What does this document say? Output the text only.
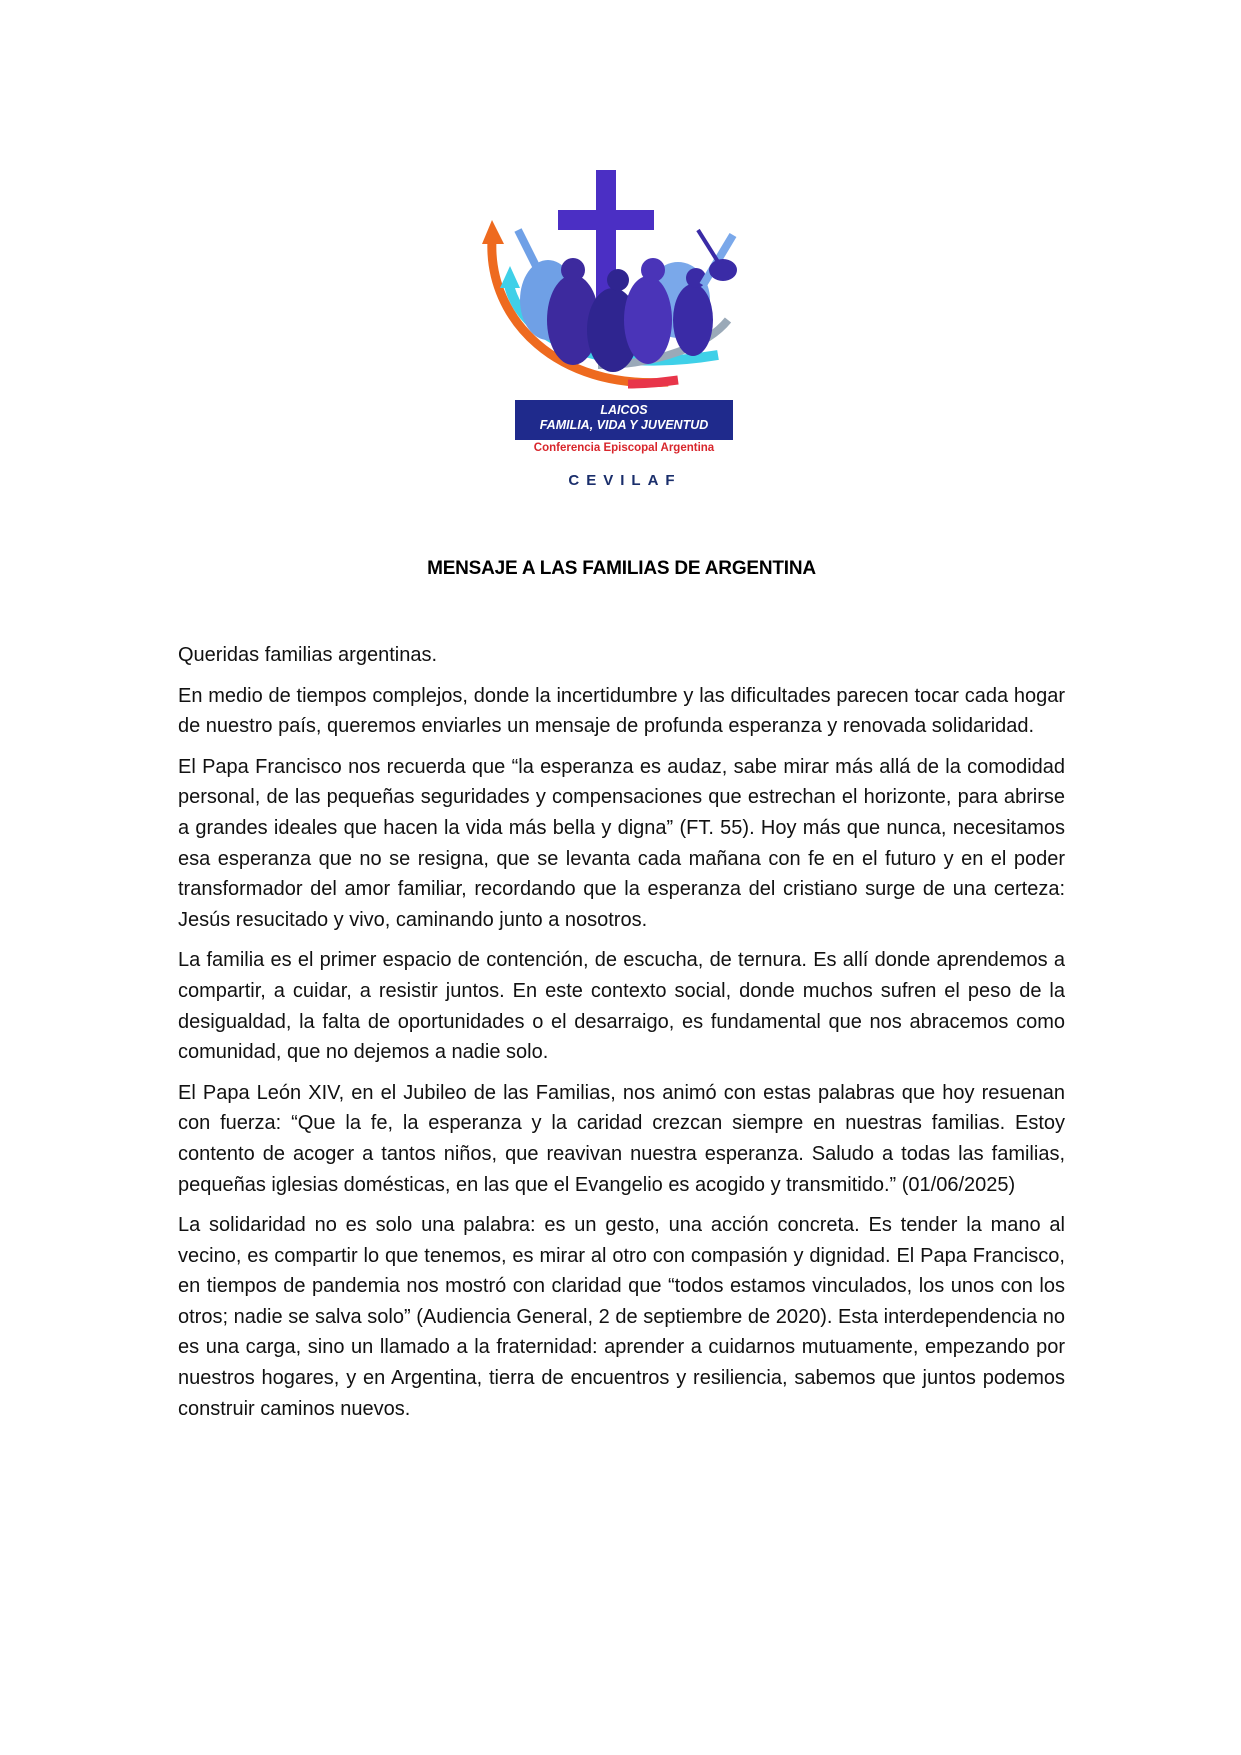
LAICOS
FAMILIA, VIDA Y JUVENTUD
Conferencia Episcopal Argentina
CEVILAF
MENSAJE A LAS FAMILIAS DE ARGENTINA

Queridas familias argentinas.

En medio de tiempos complejos, donde la incertidumbre y las dificultades parecen tocar cada hogar de nuestro país, queremos enviarles un mensaje de profunda esperanza y renovada solidaridad.

El Papa Francisco nos recuerda que “la esperanza es audaz, sabe mirar más allá de la comodidad personal, de las pequeñas seguridades y compensaciones que estrechan el horizonte, para abrirse a grandes ideales que hacen la vida más bella y digna” (FT. 55). Hoy más que nunca, necesitamos esa esperanza que no se resigna, que se levanta cada mañana con fe en el futuro y en el poder transformador del amor familiar, recordando que la esperanza del cristiano surge de una certeza: Jesús resucitado y vivo, caminando junto a nosotros.

La familia es el primer espacio de contención, de escucha, de ternura. Es allí donde aprendemos a compartir, a cuidar, a resistir juntos. En este contexto social, donde muchos sufren el peso de la desigualdad, la falta de oportunidades o el desarraigo, es fundamental que nos abracemos como comunidad, que no dejemos a nadie solo.

El Papa León XIV, en el Jubileo de las Familias, nos animó con estas palabras que hoy resuenan con fuerza: “Que la fe, la esperanza y la caridad crezcan siempre en nuestras familias. Estoy contento de acoger a tantos niños, que reavivan nuestra esperanza. Saludo a todas las familias, pequeñas iglesias domésticas, en las que el Evangelio es acogido y transmitido.” (01/06/2025)

La solidaridad no es solo una palabra: es un gesto, una acción concreta. Es tender la mano al vecino, es compartir lo que tenemos, es mirar al otro con compasión y dignidad. El Papa Francisco, en tiempos de pandemia nos mostró con claridad que “todos estamos vinculados, los unos con los otros; nadie se salva solo” (Audiencia General, 2 de septiembre de 2020). Esta interdependencia no es una carga, sino un llamado a la fraternidad: aprender a cuidarnos mutuamente, empezando por nuestros hogares, y en Argentina, tierra de encuentros y resiliencia, sabemos que juntos podemos construir caminos nuevos.
